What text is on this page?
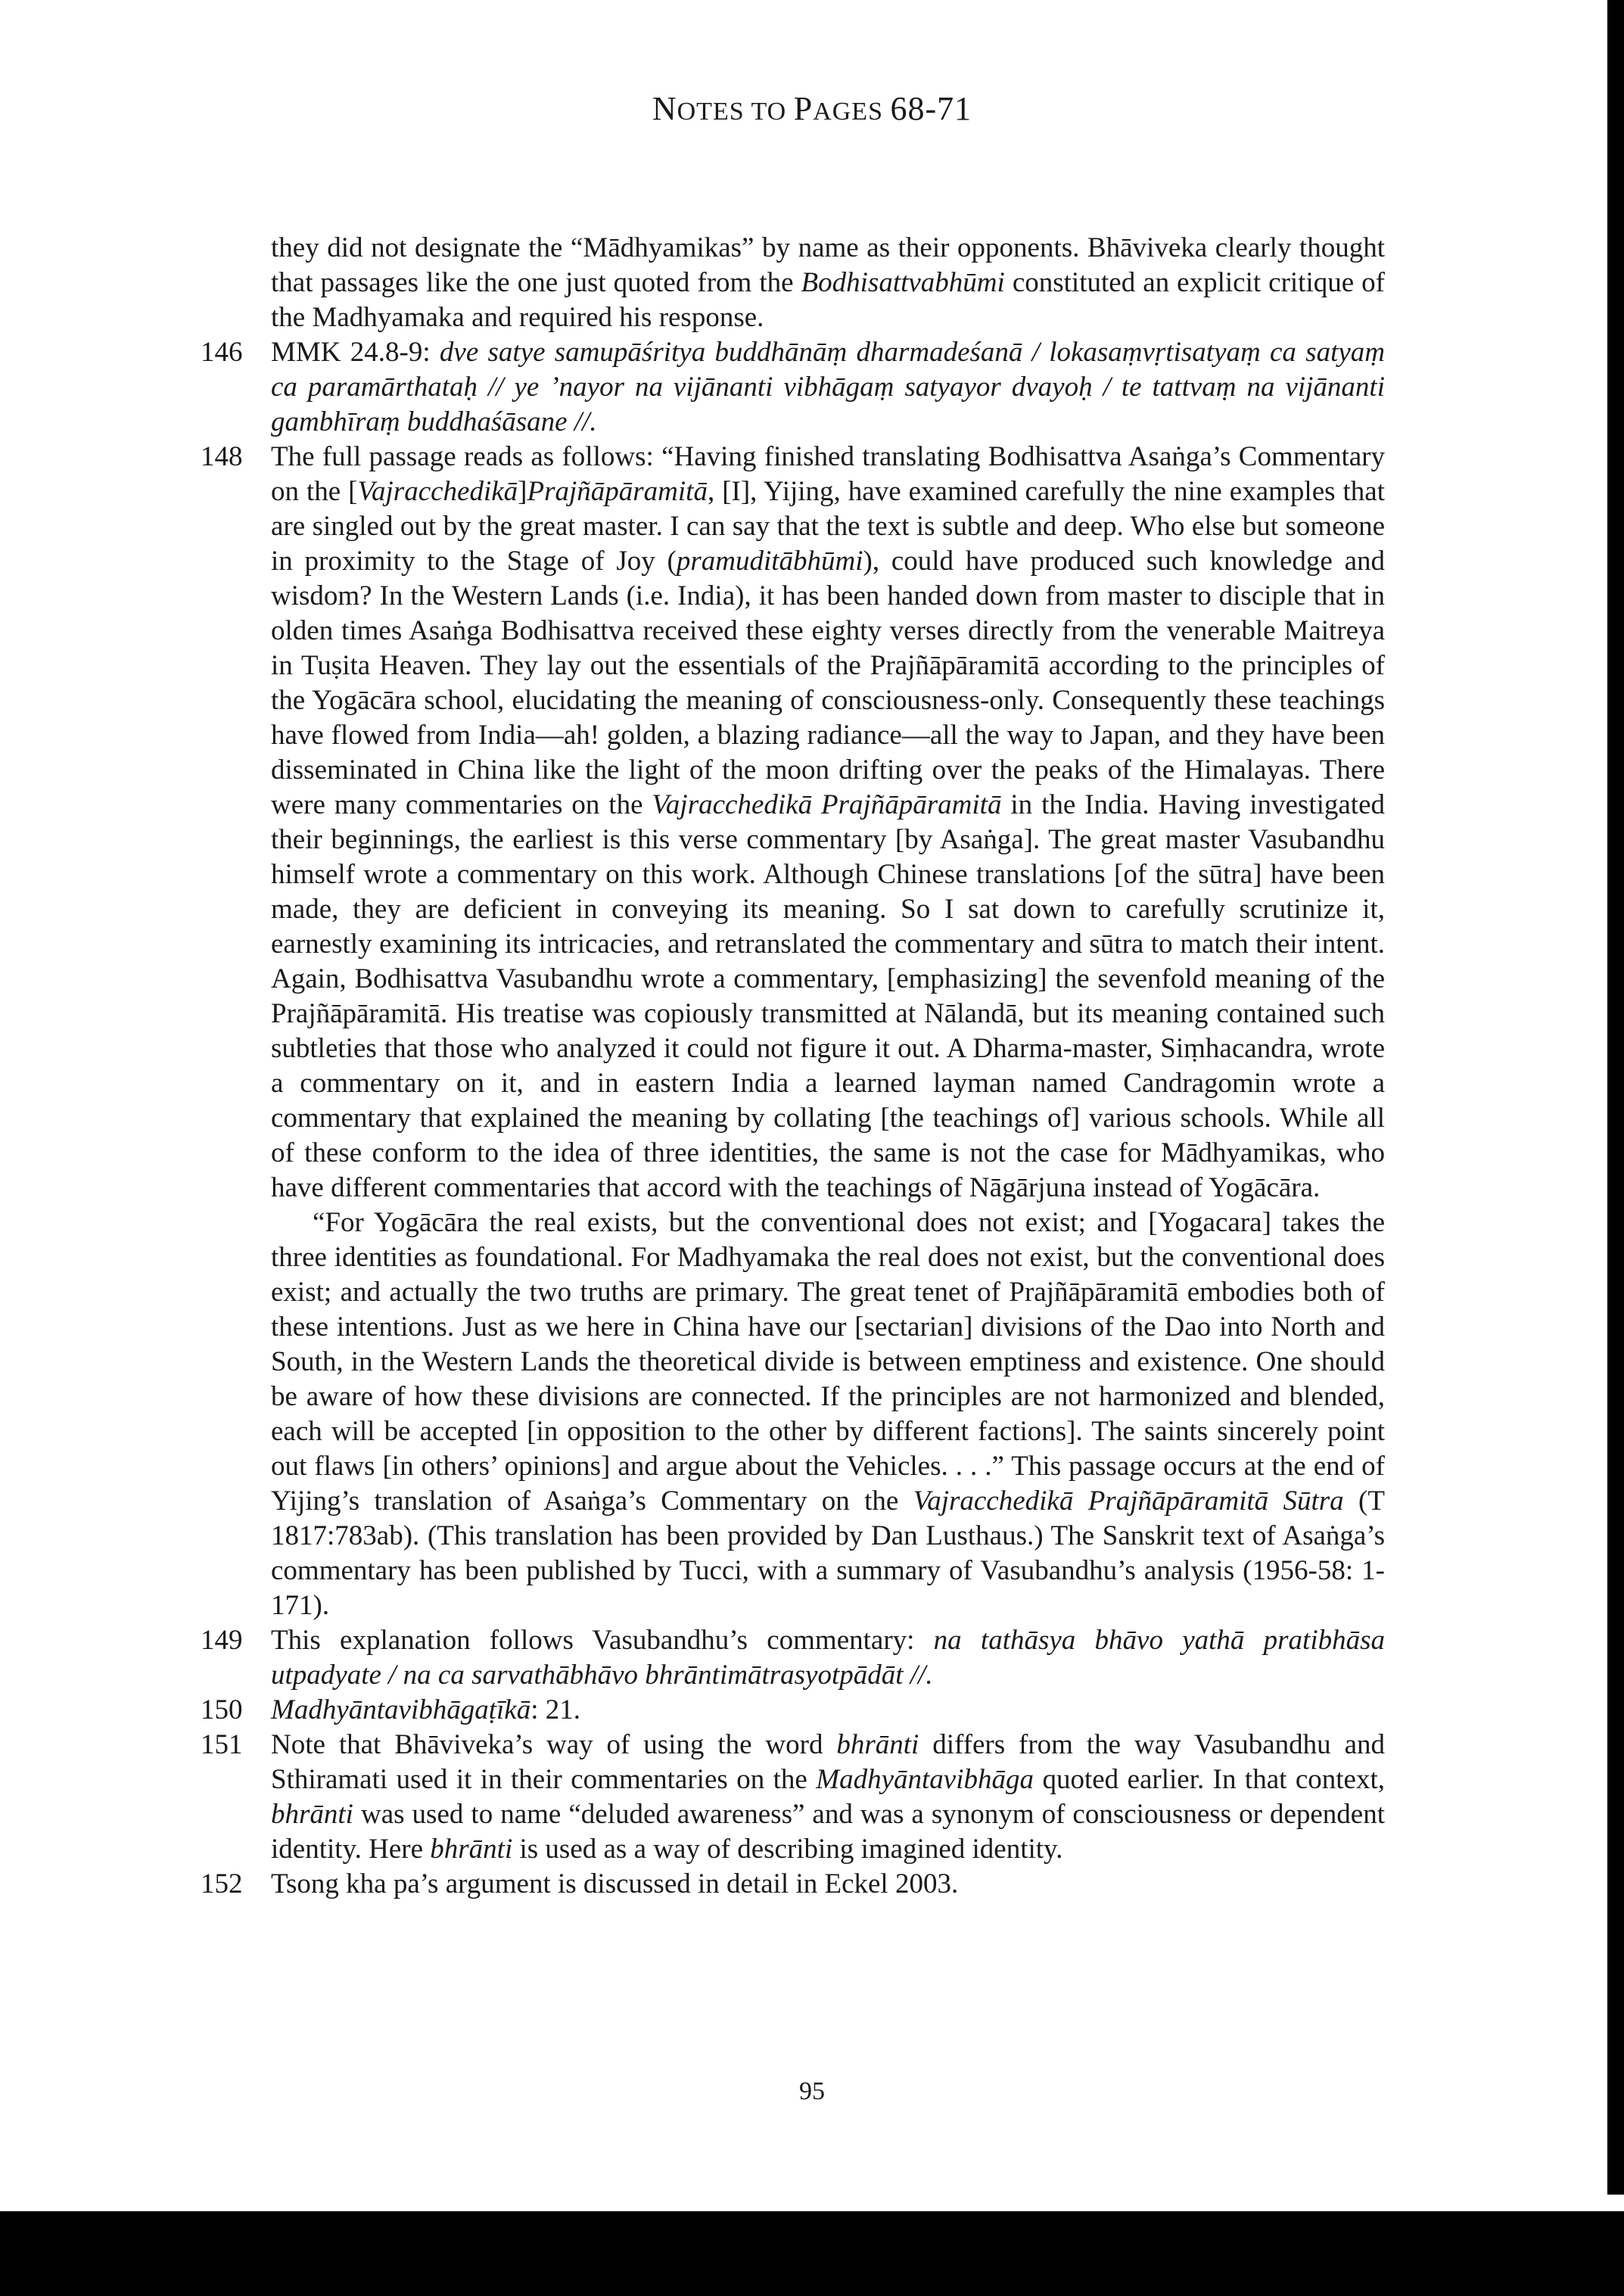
NOTES TO PAGES 68-71

they did not designate the “Mādhyamikas” by name as their opponents. Bhāviveka clearly thought that passages like the one just quoted from the Bodhisattvabhūmi constituted an explicit critique of the Madhyamaka and required his response.

146	MMK 24.8-9: dve satye samupāśritya buddhānāṃ dharmadeśanā / lokasaṃvṛtisatyaṃ ca satyaṃ ca paramārthataḥ // ye ’nayor na vijānanti vibhāgaṃ satyayor dvayoḥ / te tattvaṃ na vijānanti gambhīraṃ buddhaśāsane //.
148	The full passage reads as follows: “Having finished translating Bodhisattva Asaṅga’s Commentary on the [Vajracchedikā]Prajñāpāramitā, [I], Yijing, have examined carefully the nine examples that are singled out by the great master. I can say that the text is subtle and deep. Who else but someone in proximity to the Stage of Joy (pramuditābhūmi), could have produced such knowledge and wisdom? In the Western Lands (i.e. India), it has been handed down from master to disciple that in olden times Asaṅga Bodhisattva received these eighty verses directly from the venerable Maitreya in Tuṣita Heaven. They lay out the essentials of the Prajñāpāramitā according to the principles of the Yogācāra school, elucidating the meaning of consciousness-only. Consequently these teachings have flowed from India—ah! golden, a blazing radiance—all the way to Japan, and they have been disseminated in China like the light of the moon drifting over the peaks of the Himalayas. There were many commentaries on the Vajracchedikā Prajñāpāramitā in the India. Having investigated their beginnings, the earliest is this verse commentary [by Asaṅga]. The great master Vasubandhu himself wrote a commentary on this work. Although Chinese translations [of the sūtra] have been made, they are deficient in conveying its meaning. So I sat down to carefully scrutinize it, earnestly examining its intricacies, and retranslated the commentary and sūtra to match their intent. Again, Bodhisattva Vasubandhu wrote a commentary, [emphasizing] the sevenfold meaning of the Prajñāpāramitā. His treatise was copiously transmitted at Nālandā, but its meaning contained such subtleties that those who analyzed it could not figure it out. A Dharma-master, Siṃhacandra, wrote a commentary on it, and in eastern India a learned layman named Candragomin wrote a commentary that explained the meaning by collating [the teachings of] various schools. While all of these conform to the idea of three identities, the same is not the case for Mādhyamikas, who have different commentaries that accord with the teachings of Nāgārjuna instead of Yogācāra.

“For Yogācāra the real exists, but the conventional does not exist; and [Yogacara] takes the three identities as foundational. For Madhyamaka the real does not exist, but the conventional does exist; and actually the two truths are primary. The great tenet of Prajñāpāramitā embodies both of these intentions. Just as we here in China have our [sectarian] divisions of the Dao into North and South, in the Western Lands the theoretical divide is between emptiness and existence. One should be aware of how these divisions are connected. If the principles are not harmonized and blended, each will be accepted [in opposition to the other by different factions]. The saints sincerely point out flaws [in others’ opinions] and argue about the Vehicles. . . .” This passage occurs at the end of Yijing’s translation of Asaṅga’s Commentary on the Vajracchedikā Prajñāpāramitā Sūtra (T 1817:783ab). (This translation has been provided by Dan Lusthaus.) The Sanskrit text of Asaṅga’s commentary has been published by Tucci, with a summary of Vasubandhu’s analysis (1956-58: 1-171).

149	This explanation follows Vasubandhu’s commentary: na tathāsya bhāvo yathā pratibhāsa utpadyate / na ca sarvathābhāvo bhrāntimātrasyotpādāt //.
150	Madhyāntavibhāgaṭīkā: 21.
151	Note that Bhāviveka’s way of using the word bhrānti differs from the way Vasubandhu and Sthiramati used it in their commentaries on the Madhyāntavibhāga quoted earlier. In that context, bhrānti was used to name “deluded awareness” and was a synonym of consciousness or dependent identity. Here bhrānti is used as a way of describing imagined identity.
152	Tsong kha pa’s argument is discussed in detail in Eckel 2003.
95
